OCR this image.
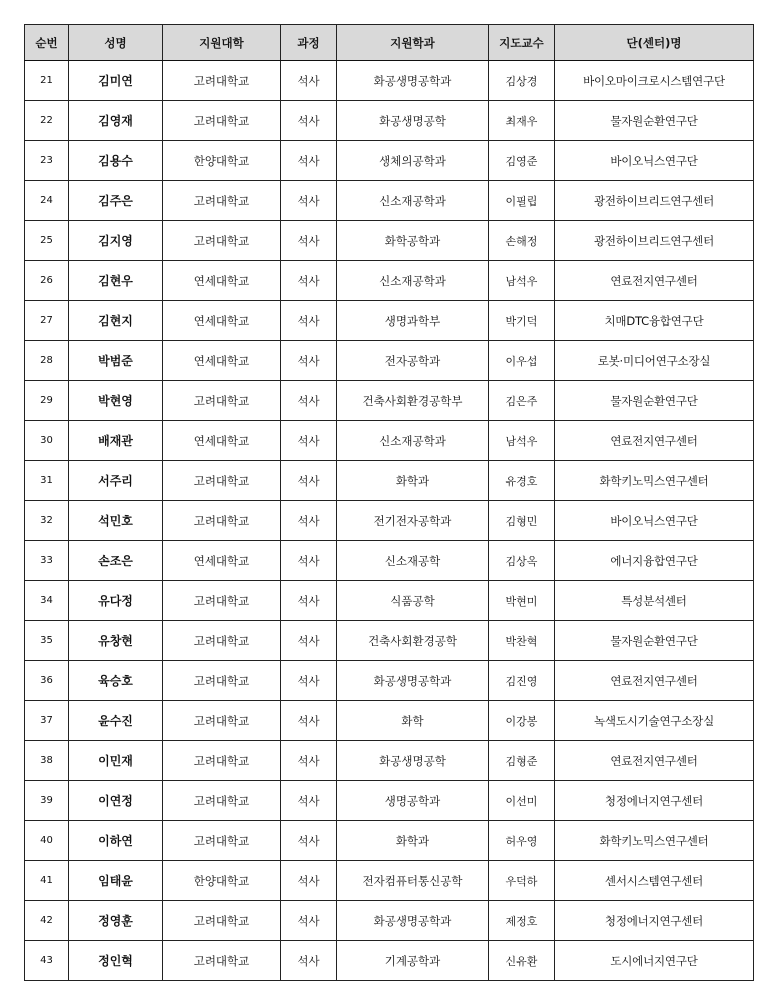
순번	성명	지원대학	과정	지원학과	지도교수	단(센터)명
21	김미연	고려대학교	석사	화공생명공학과	김상경	바이오마이크로시스템연구단
22	김영재	고려대학교	석사	화공생명공학	최재우	물자원순환연구단
23	김용수	한양대학교	석사	생체의공학과	김영준	바이오닉스연구단
24	김주은	고려대학교	석사	신소재공학과	이필립	광전하이브리드연구센터
25	김지영	고려대학교	석사	화학공학과	손해정	광전하이브리드연구센터
26	김현우	연세대학교	석사	신소재공학과	남석우	연료전지연구센터
27	김현지	연세대학교	석사	생명과학부	박기덕	치매DTC융합연구단
28	박범준	연세대학교	석사	전자공학과	이우섭	로봇·미디어연구소장실
29	박현영	고려대학교	석사	건축사회환경공학부	김은주	물자원순환연구단
30	배재관	연세대학교	석사	신소재공학과	남석우	연료전지연구센터
31	서주리	고려대학교	석사	화학과	유경호	화학키노믹스연구센터
32	석민호	고려대학교	석사	전기전자공학과	김형민	바이오닉스연구단
33	손조은	연세대학교	석사	신소재공학	김상옥	에너지융합연구단
34	유다정	고려대학교	석사	식품공학	박현미	특성분석센터
35	유창현	고려대학교	석사	건축사회환경공학	박찬혁	물자원순환연구단
36	육승호	고려대학교	석사	화공생명공학과	김진영	연료전지연구센터
37	윤수진	고려대학교	석사	화학	이강봉	녹색도시기술연구소장실
38	이민재	고려대학교	석사	화공생명공학	김형준	연료전지연구센터
39	이연정	고려대학교	석사	생명공학과	이선미	청정에너지연구센터
40	이하연	고려대학교	석사	화학과	허우영	화학키노믹스연구센터
41	임태윤	한양대학교	석사	전자컴퓨터통신공학	우덕하	센서시스템연구센터
42	정영훈	고려대학교	석사	화공생명공학과	제정호	청정에너지연구센터
43	정인혁	고려대학교	석사	기계공학과	신유환	도시에너지연구단
